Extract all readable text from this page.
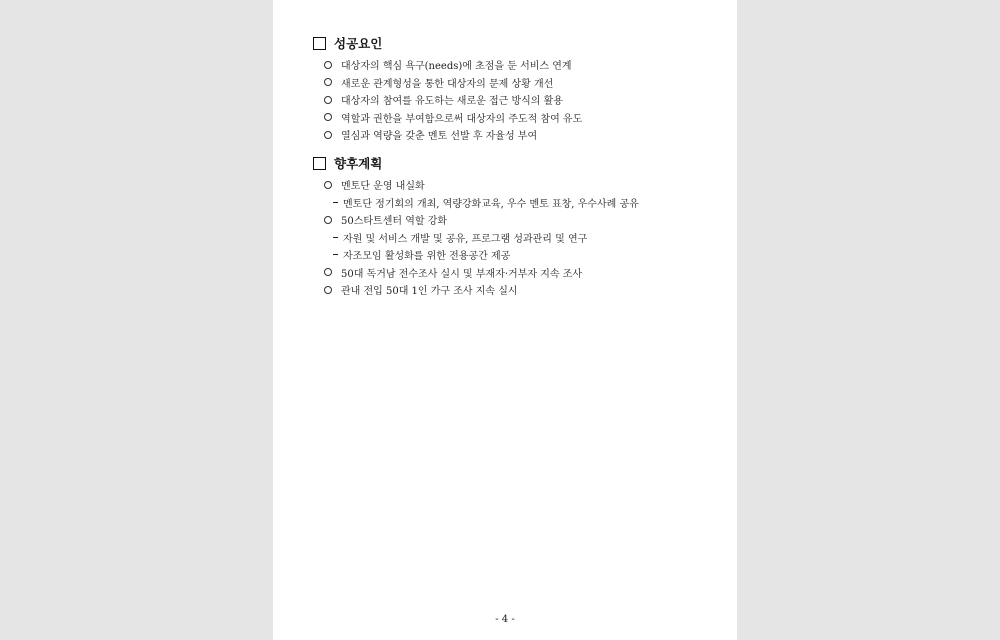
성공요인
대상자의 핵심 욕구(needs)에 초점을 둔 서비스 연계
새로운 관계형성을 통한 대상자의 문제 상황 개선
대상자의 참여를 유도하는 새로운 접근 방식의 활용
역할과 권한을 부여함으로써 대상자의 주도적 참여 유도
열심과 역량을 갖춘 멘토 선발 후 자율성 부여
향후계획
멘토단 운영 내실화
멘토단 정기회의 개최, 역량강화교육, 우수 멘토 표창, 우수사례 공유
50스타트센터 역할 강화
자원 및 서비스 개발 및 공유, 프로그램 성과관리 및 연구
자조모임 활성화를 위한 전용공간 제공
50대 독거남 전수조사 실시 및 부재자·거부자 지속 조사
관내 전입 50대 1인 가구 조사 지속 실시
- 4 -
